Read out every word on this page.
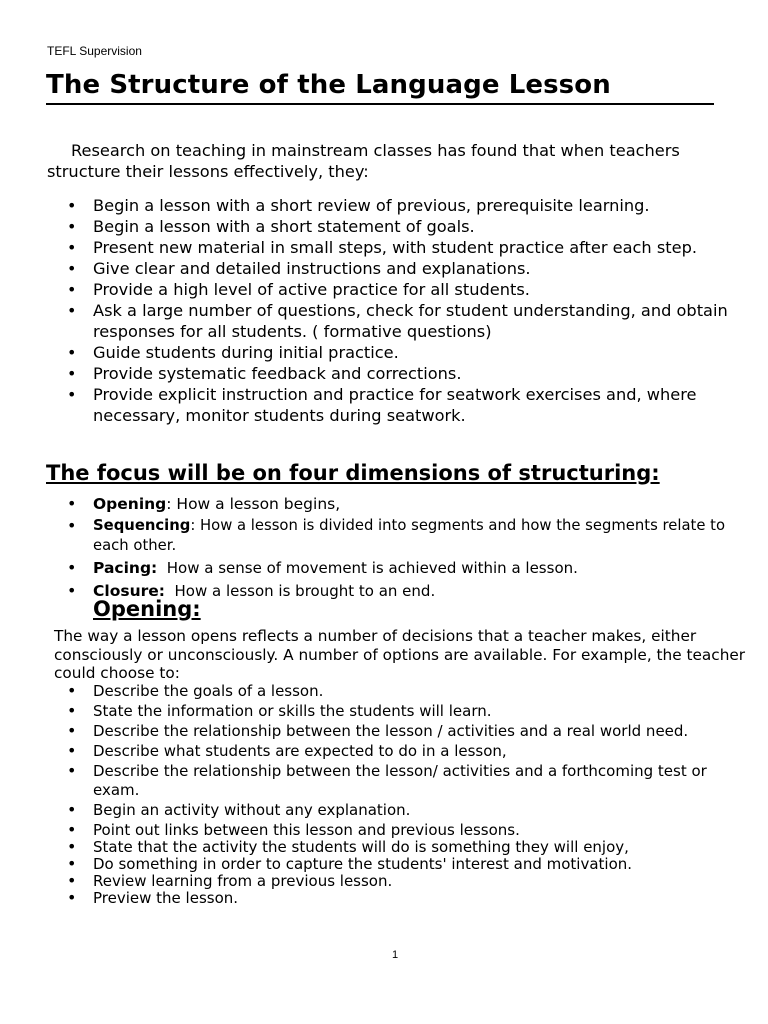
TEFL Supervision
The Structure of the Language Lesson

Research on teaching in mainstream classes has found that when teachers structure their lessons effectively, they:

• Begin a lesson with a short review of previous, prerequisite learning.
• Begin a lesson with a short statement of goals.
• Present new material in small steps, with student practice after each step.
• Give clear and detailed instructions and explanations.
• Provide a high level of active practice for all students.
• Ask a large number of questions, check for student understanding, and obtain responses for all students. ( formative questions)
• Guide students during initial practice.
• Provide systematic feedback and corrections.
• Provide explicit instruction and practice for seatwork exercises and, where necessary, monitor students during seatwork.
The focus will be on four dimensions of structuring:
• Opening: How a lesson begins,
• Sequencing: How a lesson is divided into segments and how the segments relate to each other.
• Pacing:  How a sense of movement is achieved within a lesson.
• Closure:  How a lesson is brought to an end.
Opening:

The way a lesson opens reflects a number of decisions that a teacher makes, either consciously or unconsciously. A number of options are available. For example, the teacher could choose to:

• Describe the goals of a lesson.
• State the information or skills the students will learn.
• Describe the relationship between the lesson / activities and a real world need.
• Describe what students are expected to do in a lesson,
• Describe the relationship between the lesson/ activities and a forthcoming test or exam.
• Begin an activity without any explanation.
• Point out links between this lesson and previous lessons.
• State that the activity the students will do is something they will enjoy,
• Do something in order to capture the students' interest and motivation.
• Review learning from a previous lesson.
• Preview the lesson.
1
